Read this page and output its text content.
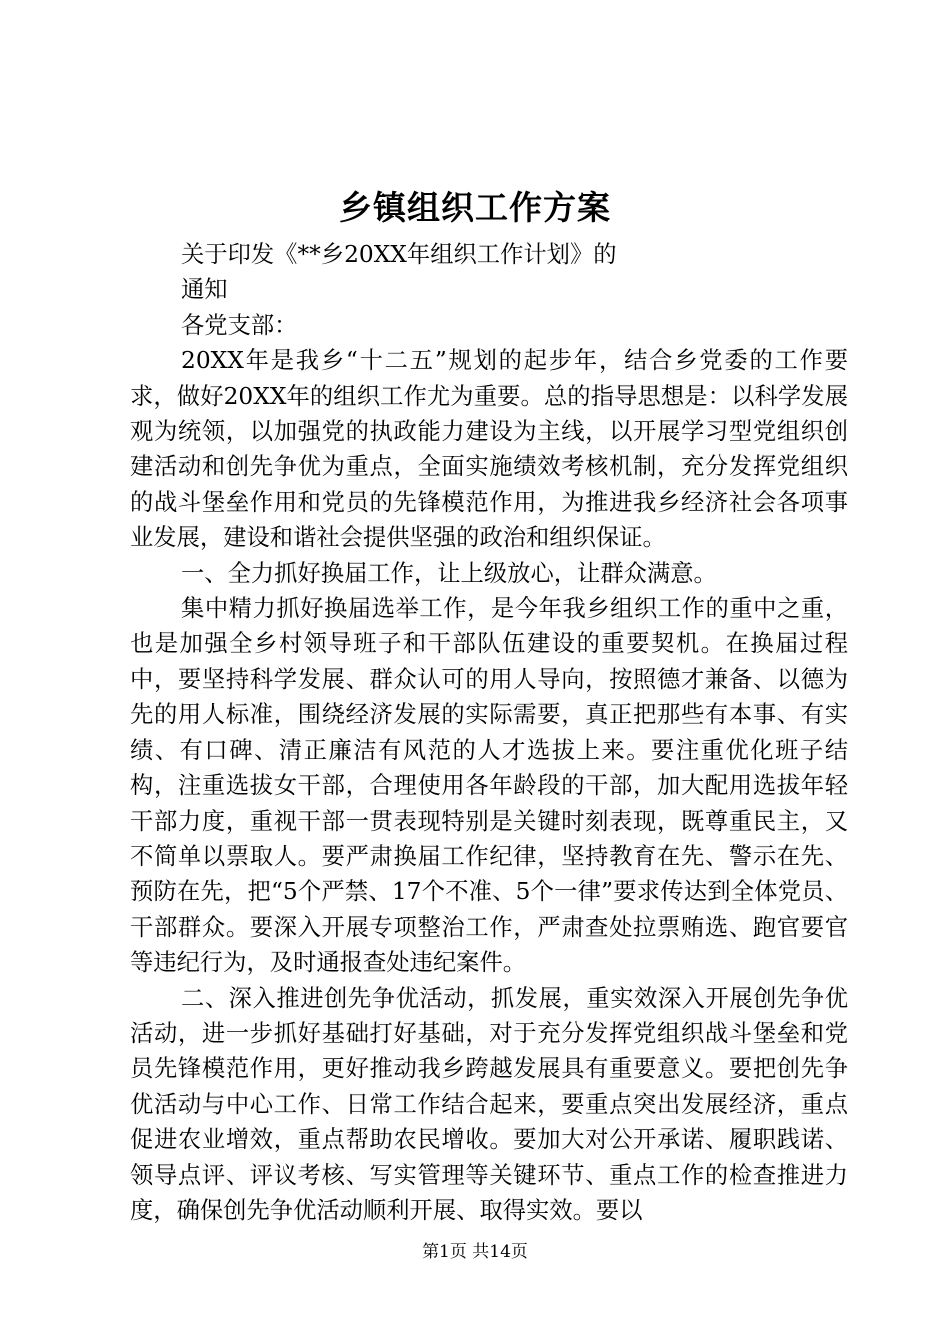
乡镇组织工作方案

关于印发《**乡20XX年组织工作计划》的

通知

各党支部：

20XX年是我乡“十二五”规划的起步年，结合乡党委的工作要求，做好20XX年的组织工作尤为重要。总的指导思想是：以科学发展观为统领，以加强党的执政能力建设为主线，以开展学习型党组织创建活动和创先争优为重点，全面实施绩效考核机制，充分发挥党组织的战斗堡垒作用和党员的先锋模范作用，为推进我乡经济社会各项事业发展，建设和谐社会提供坚强的政治和组织保证。

一、全力抓好换届工作，让上级放心，让群众满意。

集中精力抓好换届选举工作，是今年我乡组织工作的重中之重，也是加强全乡村领导班子和干部队伍建设的重要契机。在换届过程中，要坚持科学发展、群众认可的用人导向，按照德才兼备、以德为先的用人标准，围绕经济发展的实际需要，真正把那些有本事、有实绩、有口碑、清正廉洁有风范的人才选拔上来。要注重优化班子结构，注重选拔女干部，合理使用各年龄段的干部，加大配用选拔年轻干部力度，重视干部一贯表现特别是关键时刻表现，既尊重民主，又不简单以票取人。要严肃换届工作纪律，坚持教育在先、警示在先、预防在先，把“5个严禁、17个不准、5个一律”要求传达到全体党员、干部群众。要深入开展专项整治工作，严肃查处拉票贿选、跑官要官等违纪行为，及时通报查处违纪案件。

二、深入推进创先争优活动，抓发展，重实效深入开展创先争优活动，进一步抓好基础打好基础，对于充分发挥党组织战斗堡垒和党员先锋模范作用，更好推动我乡跨越发展具有重要意义。要把创先争优活动与中心工作、日常工作结合起来，要重点突出发展经济，重点促进农业增效，重点帮助农民增收。要加大对公开承诺、履职践诺、领导点评、评议考核、写实管理等关键环节、重点工作的检查推进力度，确保创先争优活动顺利开展、取得实效。要以

第1页 共14页
